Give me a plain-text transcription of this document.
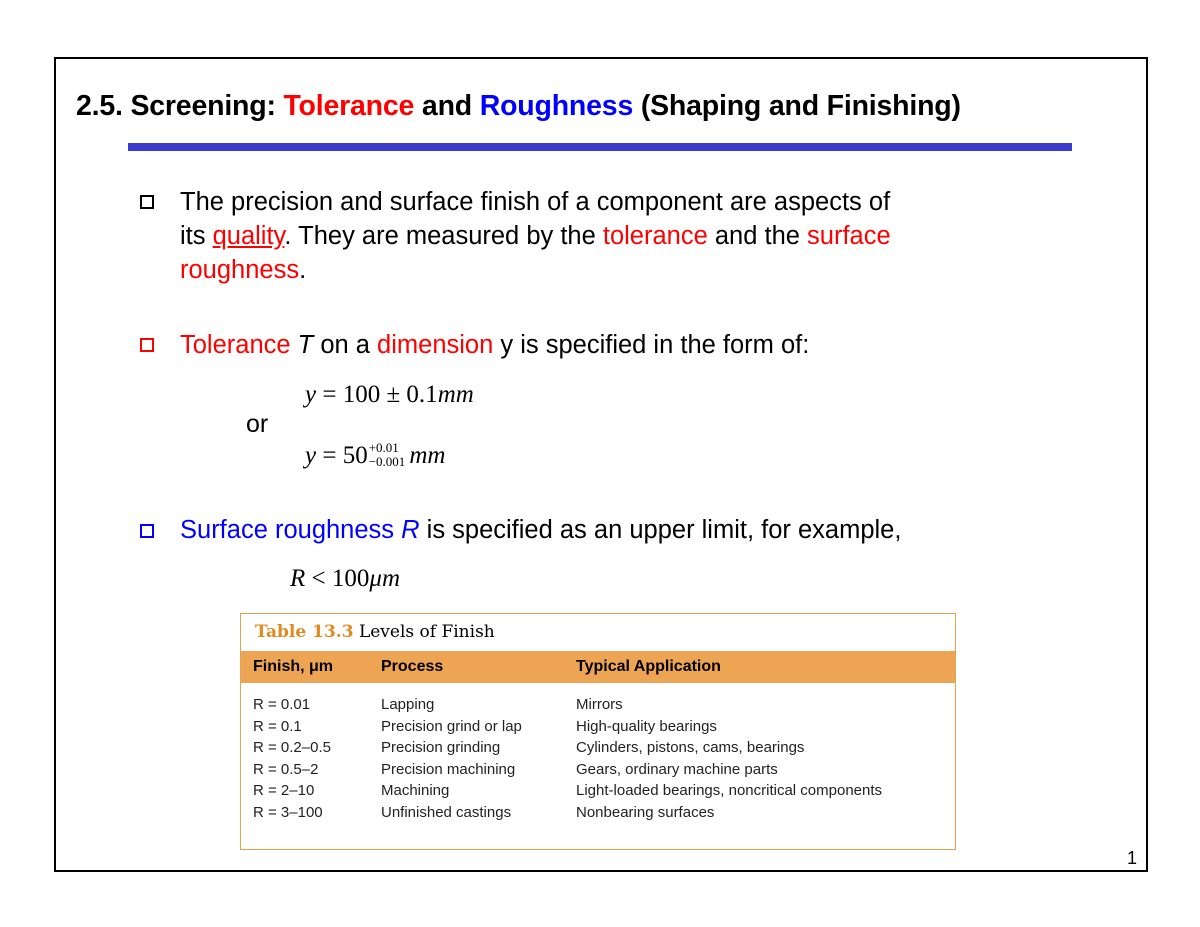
2.5. Screening: Tolerance and Roughness (Shaping and Finishing)
The precision and surface finish of a component are aspects of
its quality. They are measured by the tolerance and the surface
roughness.
Tolerance T on a dimension y is specified in the form of:
y = 100 ± 0.1mm
or
y = 50 +0.01
−0.001 mm
Surface roughness R is specified as an upper limit, for example,
R < 100μm
Table 13.3 Levels of Finish
Finish, μm	Process	Typical Application
R = 0.01	Lapping	Mirrors
R = 0.1	Precision grind or lap	High-quality bearings
R = 0.2–0.5	Precision grinding	Cylinders, pistons, cams, bearings
R = 0.5–2	Precision machining	Gears, ordinary machine parts
R = 2–10	Machining	Light-loaded bearings, noncritical components
R = 3–100	Unfinished castings	Nonbearing surfaces
1
